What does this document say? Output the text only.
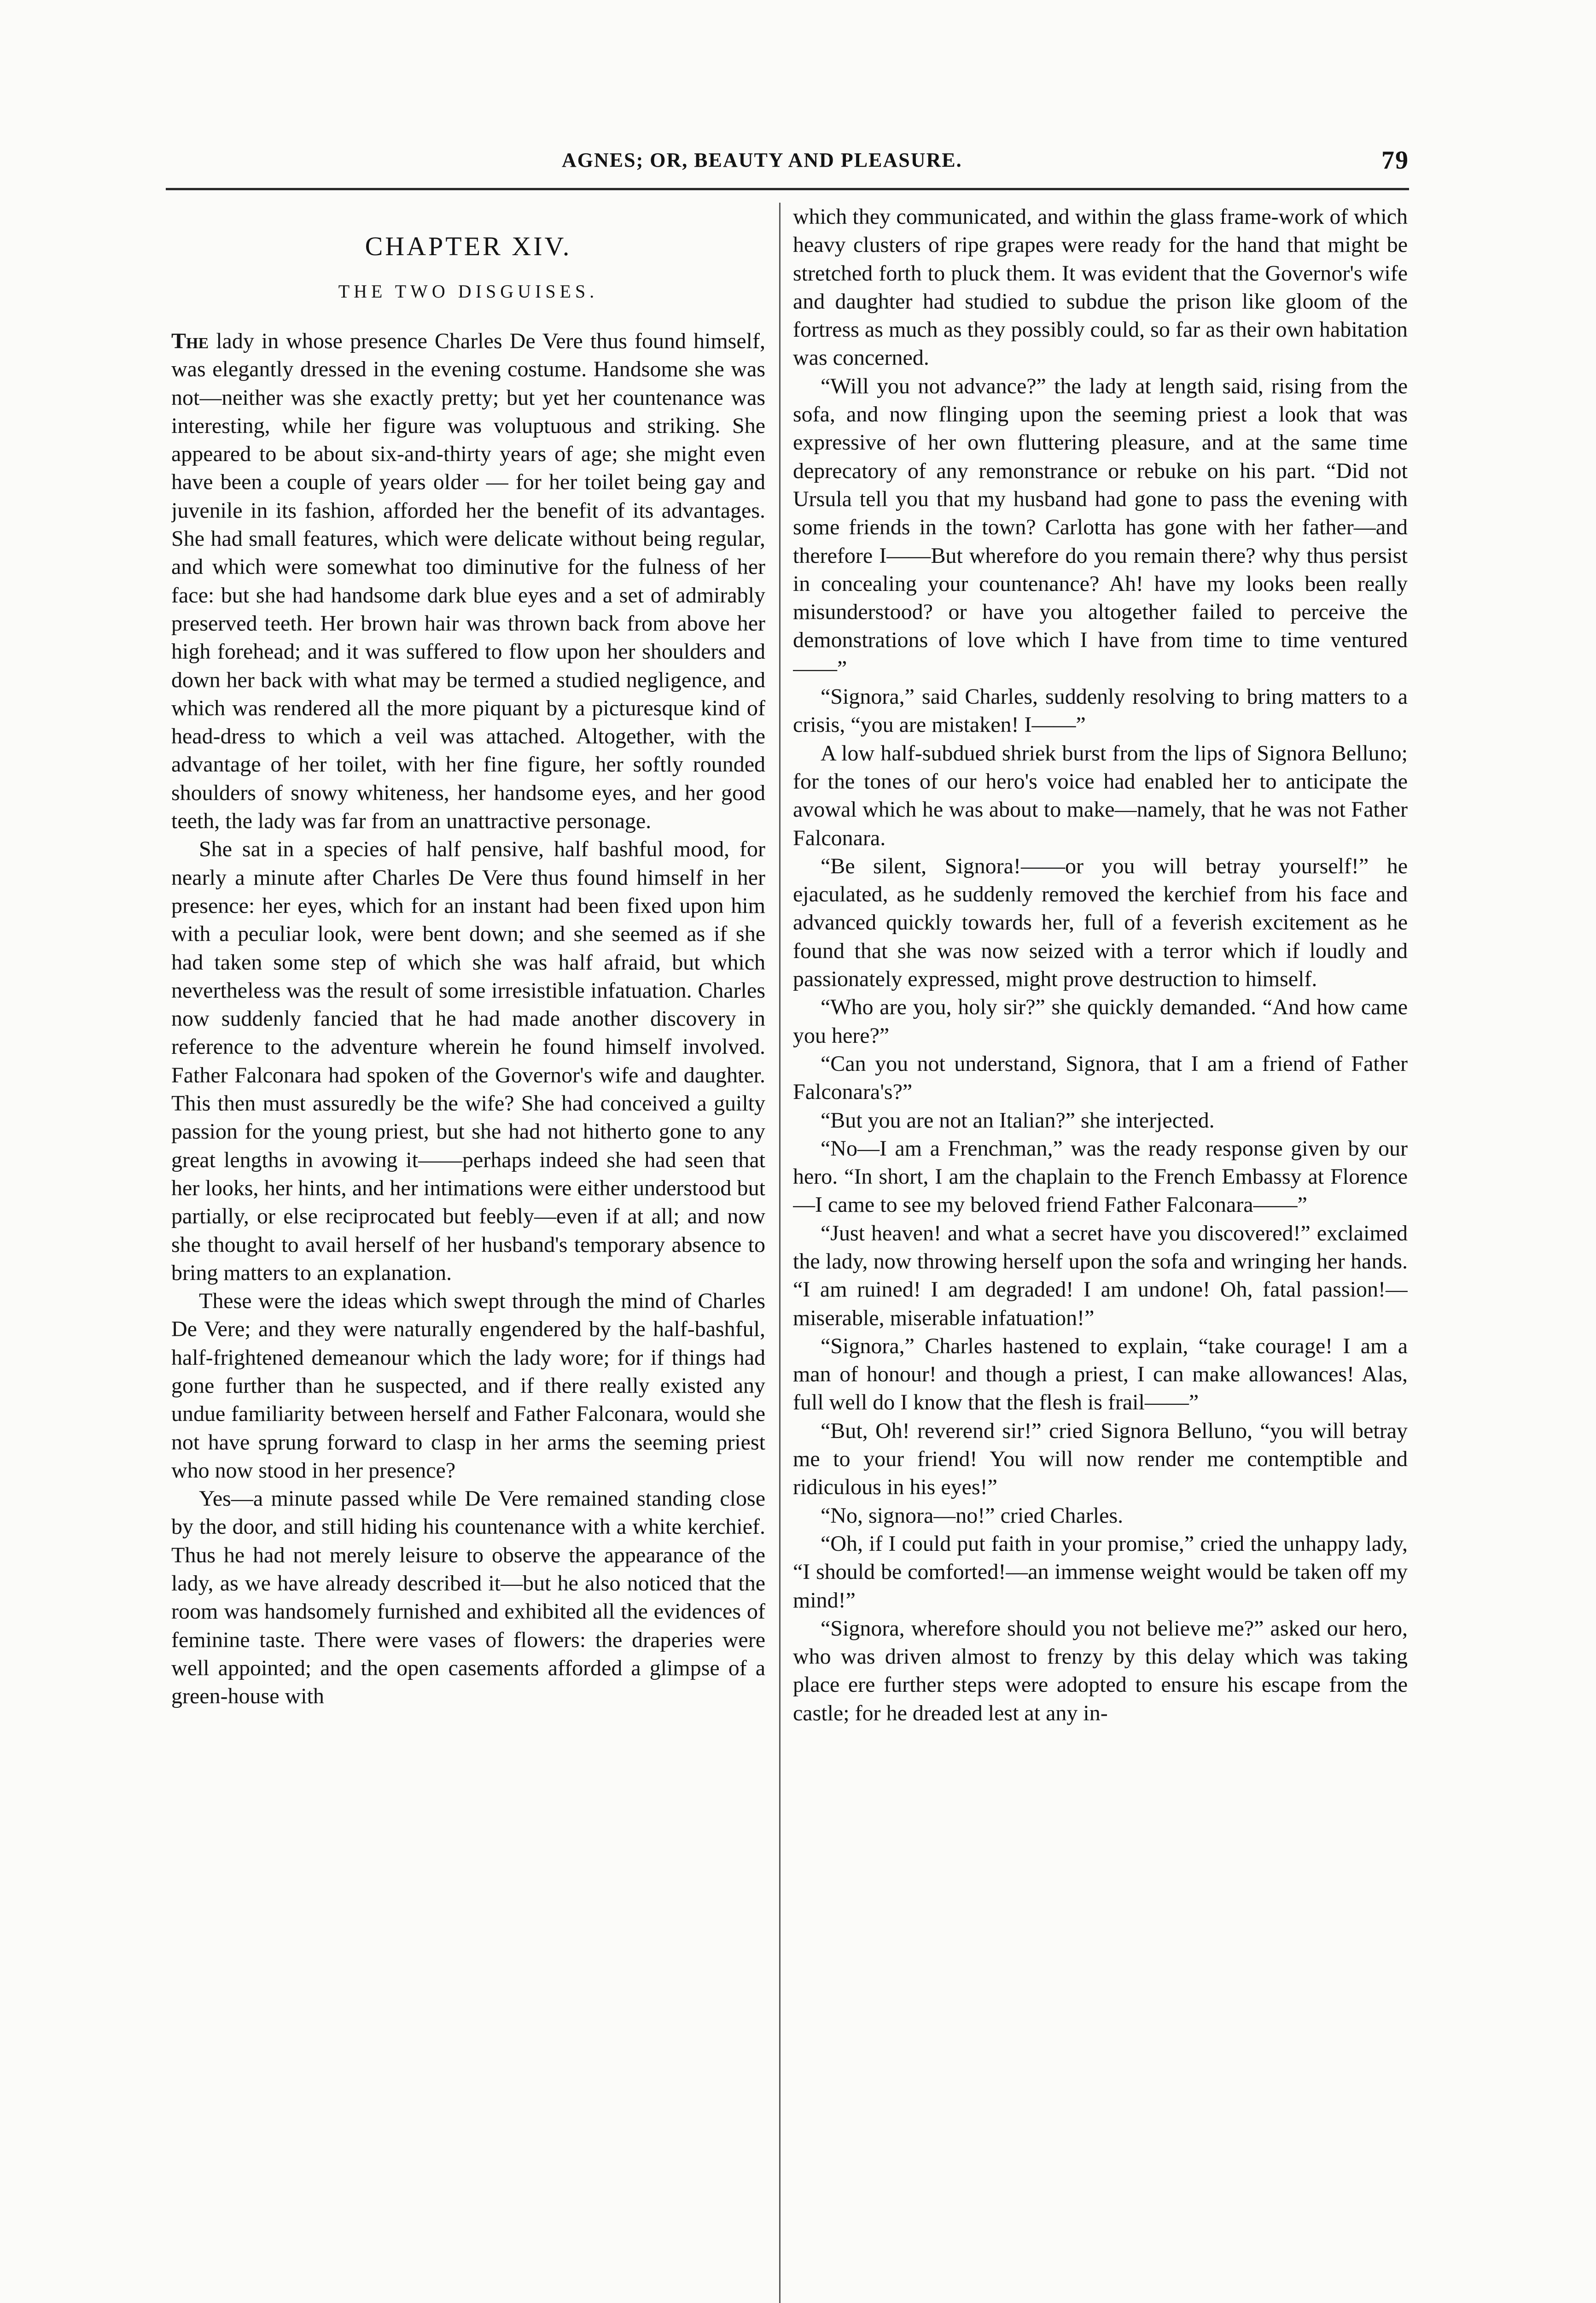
AGNES; OR, BEAUTY AND PLEASURE.	79
CHAPTER XIV.
THE TWO DISGUISES.

The lady in whose presence Charles De Vere thus found himself, was elegantly dressed in the evening costume. Handsome she was not—neither was she exactly pretty; but yet her countenance was interesting, while her figure was voluptuous and striking. She appeared to be about six-and-thirty years of age; she might even have been a couple of years older — for her toilet being gay and juvenile in its fashion, afforded her the benefit of its advantages. She had small features, which were delicate without being regular, and which were somewhat too diminutive for the fulness of her face: but she had handsome dark blue eyes and a set of admirably preserved teeth. Her brown hair was thrown back from above her high forehead; and it was suffered to flow upon her shoulders and down her back with what may be termed a studied negligence, and which was rendered all the more piquant by a picturesque kind of head-dress to which a veil was attached. Altogether, with the advantage of her toilet, with her fine figure, her softly rounded shoulders of snowy whiteness, her handsome eyes, and her good teeth, the lady was far from an unattractive personage.

She sat in a species of half pensive, half bashful mood, for nearly a minute after Charles De Vere thus found himself in her presence: her eyes, which for an instant had been fixed upon him with a peculiar look, were bent down; and she seemed as if she had taken some step of which she was half afraid, but which nevertheless was the result of some irresistible infatuation. Charles now suddenly fancied that he had made another discovery in reference to the adventure wherein he found himself involved. Father Falconara had spoken of the Governor's wife and daughter. This then must assuredly be the wife? She had conceived a guilty passion for the young priest, but she had not hitherto gone to any great lengths in avowing it——perhaps indeed she had seen that her looks, her hints, and her intimations were either understood but partially, or else reciprocated but feebly—even if at all; and now she thought to avail herself of her husband's temporary absence to bring matters to an explanation.

These were the ideas which swept through the mind of Charles De Vere; and they were naturally engendered by the half-bashful, half-frightened demeanour which the lady wore; for if things had gone further than he suspected, and if there really existed any undue familiarity between herself and Father Falconara, would she not have sprung forward to clasp in her arms the seeming priest who now stood in her presence?

Yes—a minute passed while De Vere remained standing close by the door, and still hiding his countenance with a white kerchief. Thus he had not merely leisure to observe the appearance of the lady, as we have already described it—but he also noticed that the room was handsomely furnished and exhibited all the evidences of feminine taste. There were vases of flowers: the draperies were well appointed; and the open casements afforded a glimpse of a green-house with

which they communicated, and within the glass frame-work of which heavy clusters of ripe grapes were ready for the hand that might be stretched forth to pluck them. It was evident that the Governor's wife and daughter had studied to subdue the prison like gloom of the fortress as much as they possibly could, so far as their own habitation was concerned.

“Will you not advance?” the lady at length said, rising from the sofa, and now flinging upon the seeming priest a look that was expressive of her own fluttering pleasure, and at the same time deprecatory of any remonstrance or rebuke on his part. “Did not Ursula tell you that my husband had gone to pass the evening with some friends in the town? Carlotta has gone with her father—and therefore I——But wherefore do you remain there? why thus persist in concealing your countenance? Ah! have my looks been really misunderstood? or have you altogether failed to perceive the demonstrations of love which I have from time to time ventured——”

“Signora,” said Charles, suddenly resolving to bring matters to a crisis, “you are mistaken! I——”

A low half-subdued shriek burst from the lips of Signora Belluno; for the tones of our hero's voice had enabled her to anticipate the avowal which he was about to make—namely, that he was not Father Falconara.

“Be silent, Signora!——or you will betray yourself!” he ejaculated, as he suddenly removed the kerchief from his face and advanced quickly towards her, full of a feverish excitement as he found that she was now seized with a terror which if loudly and passionately expressed, might prove destruction to himself.

“Who are you, holy sir?” she quickly demanded. “And how came you here?”

“Can you not understand, Signora, that I am a friend of Father Falconara's?”

“But you are not an Italian?” she interjected.

“No—I am a Frenchman,” was the ready response given by our hero. “In short, I am the chaplain to the French Embassy at Florence—I came to see my beloved friend Father Falconara——”

“Just heaven! and what a secret have you discovered!” exclaimed the lady, now throwing herself upon the sofa and wringing her hands. “I am ruined! I am degraded! I am undone! Oh, fatal passion!—miserable, miserable infatuation!”

“Signora,” Charles hastened to explain, “take courage! I am a man of honour! and though a priest, I can make allowances! Alas, full well do I know that the flesh is frail——”

“But, Oh! reverend sir!” cried Signora Belluno, “you will betray me to your friend! You will now render me contemptible and ridiculous in his eyes!”

“No, signora—no!” cried Charles.

“Oh, if I could put faith in your promise,” cried the unhappy lady, “I should be comforted!—an immense weight would be taken off my mind!”

“Signora, wherefore should you not believe me?” asked our hero, who was driven almost to frenzy by this delay which was taking place ere further steps were adopted to ensure his escape from the castle; for he dreaded lest at any in-
